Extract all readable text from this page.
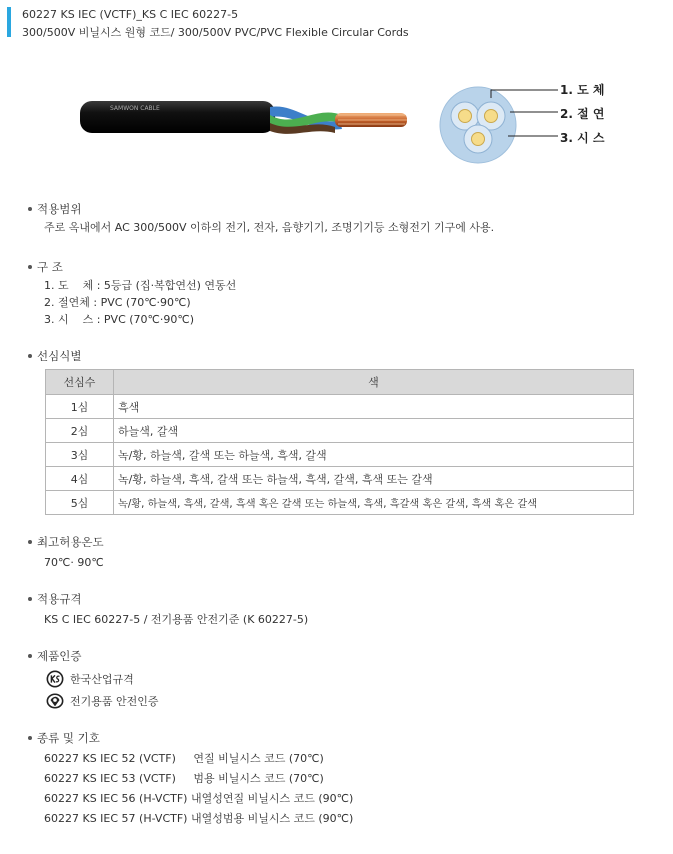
60227 KS IEC (VCTF)_KS C IEC 60227-5
300/500V 비닐시스 원형 코드/ 300/500V PVC/PVC Flexible Circular Cords
SAMWON CABLE
1. 도 체
2. 절 연
3. 시 스
적용범위
주로 옥내에서 AC 300/500V 이하의 전기, 전자, 음향기기, 조명기기등 소형전기 기구에 사용.
구 조
1. 도    체 : 5등급 (집·복합연선) 연동선
2. 절연체 : PVC (70℃·90℃)
3. 시    스 : PVC (70℃·90℃)
선심식별
선심수	색
1심	흑색
2심	하늘색, 갈색
3심	녹/황, 하늘색, 갈색 또는 하늘색, 흑색, 갈색
4심	녹/황, 하늘색, 흑색, 갈색 또는 하늘색, 흑색, 갈색, 흑색 또는 갈색
5심	녹/황, 하늘색, 흑색, 갈색, 흑색 혹은 갈색 또는 하늘색, 흑색, 흑갈색 혹은 갈색, 흑색 혹은 갈색
최고허용온도
70℃· 90℃
적용규격
KS C IEC 60227-5 / 전기용품 안전기준 (K 60227-5)
제품인증
한국산업규격
전기용품 안전인증
종류 및 기호
60227 KS IEC 52 (VCTF)     연질 비닐시스 코드 (70℃)
60227 KS IEC 53 (VCTF)     범용 비닐시스 코드 (70℃)
60227 KS IEC 56 (H-VCTF) 내열성연질 비닐시스 코드 (90℃)
60227 KS IEC 57 (H-VCTF) 내열성범용 비닐시스 코드 (90℃)
